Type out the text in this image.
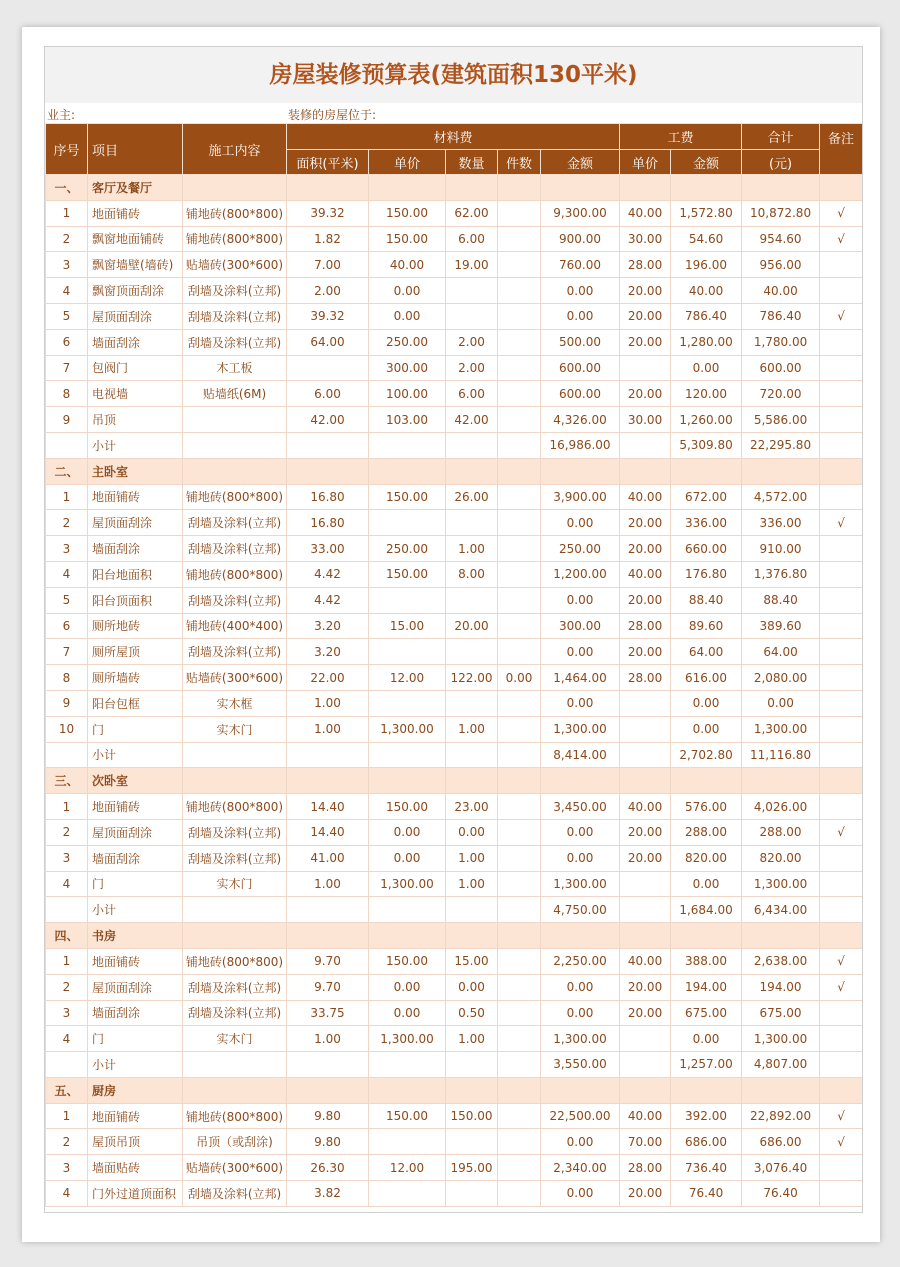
房屋装修预算表(建筑面积130平米)
业主:	装修的房屋位于:
序号	项目	施工内容	材料费					工费		合计	备注
			面积(平米)	单价	数量	件数	金额	单价	金额	(元)	
一、	客厅及餐厅										
1	地面铺砖	铺地砖(800*800)	39.32	150.00	62.00		9,300.00	40.00	1,572.80	10,872.80	√
2	飘窗地面铺砖	铺地砖(800*800)	1.82	150.00	6.00		900.00	30.00	54.60	954.60	√
3	飘窗墙壁(墙砖)	贴墙砖(300*600)	7.00	40.00	19.00		760.00	28.00	196.00	956.00	
4	飘窗顶面刮涂	刮墙及涂料(立邦)	2.00	0.00			0.00	20.00	40.00	40.00	
5	屋顶面刮涂	刮墙及涂料(立邦)	39.32	0.00			0.00	20.00	786.40	786.40	√
6	墙面刮涂	刮墙及涂料(立邦)	64.00	250.00	2.00		500.00	20.00	1,280.00	1,780.00	
7	包阀门	木工板		300.00	2.00		600.00		0.00	600.00	
8	电视墙	贴墙纸(6M)	6.00	100.00	6.00		600.00	20.00	120.00	720.00	
9	吊顶		42.00	103.00	42.00		4,326.00	30.00	1,260.00	5,586.00	
	小计						16,986.00		5,309.80	22,295.80	
二、	主卧室										
1	地面铺砖	铺地砖(800*800)	16.80	150.00	26.00		3,900.00	40.00	672.00	4,572.00	
2	屋顶面刮涂	刮墙及涂料(立邦)	16.80				0.00	20.00	336.00	336.00	√
3	墙面刮涂	刮墙及涂料(立邦)	33.00	250.00	1.00		250.00	20.00	660.00	910.00	
4	阳台地面积	铺地砖(800*800)	4.42	150.00	8.00		1,200.00	40.00	176.80	1,376.80	
5	阳台顶面积	刮墙及涂料(立邦)	4.42				0.00	20.00	88.40	88.40	
6	厕所地砖	铺地砖(400*400)	3.20	15.00	20.00		300.00	28.00	89.60	389.60	
7	厕所屋顶	刮墙及涂料(立邦)	3.20				0.00	20.00	64.00	64.00	
8	厕所墙砖	贴墙砖(300*600)	22.00	12.00	122.00	0.00	1,464.00	28.00	616.00	2,080.00	
9	阳台包框	实木框	1.00				0.00		0.00	0.00	
10	门	实木门	1.00	1,300.00	1.00		1,300.00		0.00	1,300.00	
	小计						8,414.00		2,702.80	11,116.80	
三、	次卧室										
1	地面铺砖	铺地砖(800*800)	14.40	150.00	23.00		3,450.00	40.00	576.00	4,026.00	
2	屋顶面刮涂	刮墙及涂料(立邦)	14.40	0.00	0.00		0.00	20.00	288.00	288.00	√
3	墙面刮涂	刮墙及涂料(立邦)	41.00	0.00	1.00		0.00	20.00	820.00	820.00	
4	门	实木门	1.00	1,300.00	1.00		1,300.00		0.00	1,300.00	
	小计						4,750.00		1,684.00	6,434.00	
四、	书房										
1	地面铺砖	铺地砖(800*800)	9.70	150.00	15.00		2,250.00	40.00	388.00	2,638.00	√
2	屋顶面刮涂	刮墙及涂料(立邦)	9.70	0.00	0.00		0.00	20.00	194.00	194.00	√
3	墙面刮涂	刮墙及涂料(立邦)	33.75	0.00	0.50		0.00	20.00	675.00	675.00	
4	门	实木门	1.00	1,300.00	1.00		1,300.00		0.00	1,300.00	
	小计						3,550.00		1,257.00	4,807.00	
五、	厨房										
1	地面铺砖	铺地砖(800*800)	9.80	150.00	150.00		22,500.00	40.00	392.00	22,892.00	√
2	屋顶吊顶	吊顶（或刮涂)	9.80				0.00	70.00	686.00	686.00	√
3	墙面贴砖	贴墙砖(300*600)	26.30	12.00	195.00		2,340.00	28.00	736.40	3,076.40	
4	门外过道顶面积	刮墙及涂料(立邦)	3.82				0.00	20.00	76.40	76.40	
